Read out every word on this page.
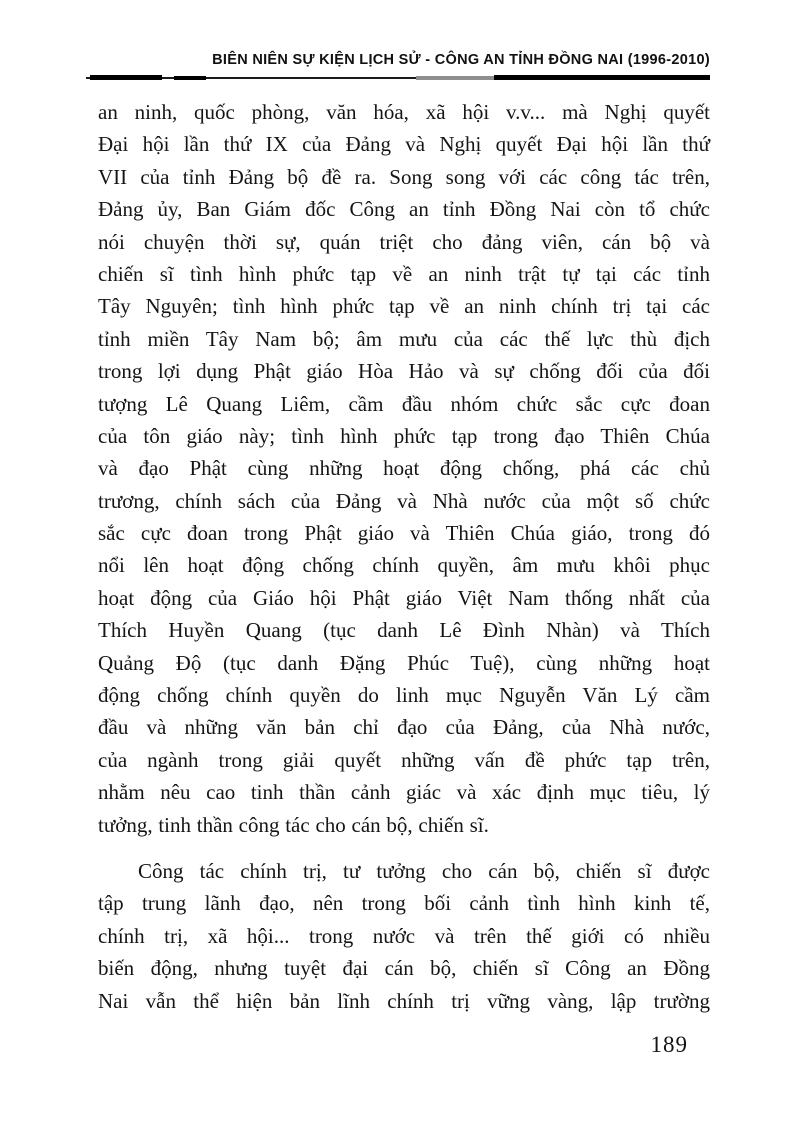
BIÊN NIÊN SỰ KIỆN LỊCH SỬ - CÔNG AN TỈNH ĐỒNG NAI (1996-2010)
an ninh, quốc phòng, văn hóa, xã hội v.v... mà Nghị quyết
Đại hội lần thứ IX của Đảng và Nghị quyết Đại hội lần thứ
VII của tỉnh Đảng bộ đề ra. Song song với các công tác trên,
Đảng ủy, Ban Giám đốc Công an tỉnh Đồng Nai còn tổ chức
nói chuyện thời sự, quán triệt cho đảng viên, cán bộ và
chiến sĩ tình hình phức tạp về an ninh trật tự tại các tỉnh
Tây Nguyên; tình hình phức tạp về an ninh chính trị tại các
tỉnh miền Tây Nam bộ; âm mưu của các thế lực thù địch
trong lợi dụng Phật giáo Hòa Hảo và sự chống đối của đối
tượng Lê Quang Liêm, cầm đầu nhóm chức sắc cực đoan
của tôn giáo này; tình hình phức tạp trong đạo Thiên Chúa
và đạo Phật cùng những hoạt động chống, phá các chủ
trương, chính sách của Đảng và Nhà nước của một số chức
sắc cực đoan trong Phật giáo và Thiên Chúa giáo, trong đó
nổi lên hoạt động chống chính quyền, âm mưu khôi phục
hoạt động của Giáo hội Phật giáo Việt Nam thống nhất của
Thích Huyền Quang (tục danh Lê Đình Nhàn) và Thích
Quảng Độ (tục danh Đặng Phúc Tuệ), cùng những hoạt
động chống chính quyền do linh mục Nguyễn Văn Lý cầm
đầu và những văn bản chỉ đạo của Đảng, của Nhà nước,
của ngành trong giải quyết những vấn đề phức tạp trên,
nhằm nêu cao tinh thần cảnh giác và xác định mục tiêu, lý
tưởng, tinh thần công tác cho cán bộ, chiến sĩ.
Công tác chính trị, tư tưởng cho cán bộ, chiến sĩ được
tập trung lãnh đạo, nên trong bối cảnh tình hình kinh tế,
chính trị, xã hội... trong nước và trên thế giới có nhiều
biến động, nhưng tuyệt đại cán bộ, chiến sĩ Công an Đồng
Nai vẫn thể hiện bản lĩnh chính trị vững vàng, lập trường
189
